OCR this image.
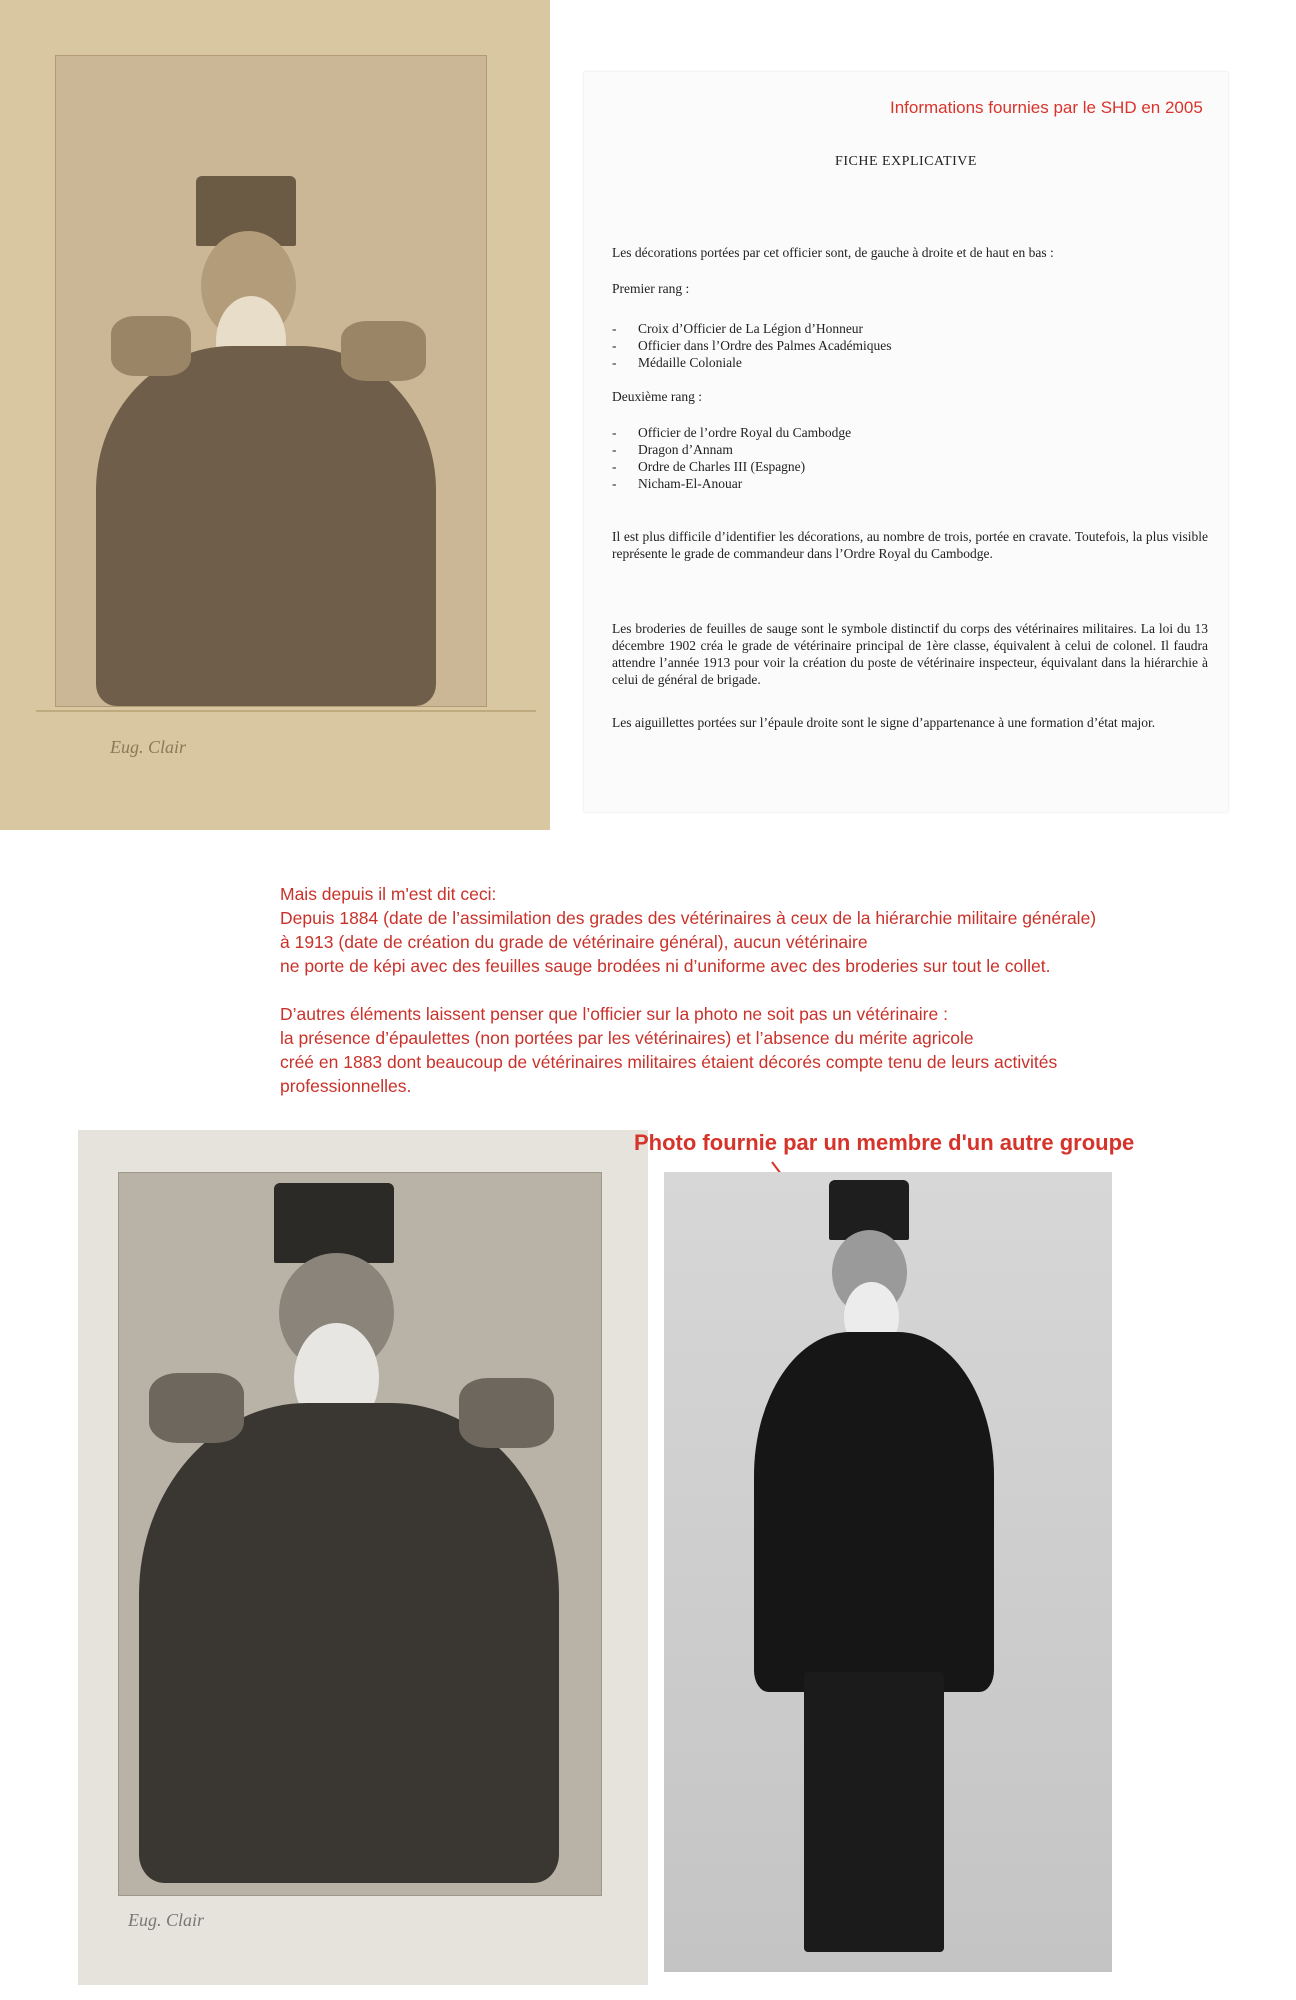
Eug. Clair
FICHE EXPLICATIVE
Les décorations portées par cet officier sont, de gauche à droite et de haut en bas :
Premier rang :
- Croix d’Officier de La Légion d’Honneur
- Officier dans l’Ordre des Palmes Académiques
- Médaille Coloniale
Deuxième rang :
- Officier de l’ordre Royal du Cambodge
- Dragon d’Annam
- Ordre de Charles III (Espagne)
- Nicham-El-Anouar
Il est plus difficile d’identifier les décorations, au nombre de trois, portée en cravate. Toutefois, la plus visible représente le grade de commandeur dans l’Ordre Royal du Cambodge.
Les broderies de feuilles de sauge sont le symbole distinctif du corps des vétérinaires militaires. La loi du 13 décembre 1902 créa le grade de vétérinaire principal de 1ère classe, équivalent à celui de colonel. Il faudra attendre l’année 1913 pour voir la création du poste de vétérinaire inspecteur, équivalant dans la hiérarchie à celui de général de brigade.
Les aiguillettes portées sur l’épaule droite sont le signe d’appartenance à une formation d’état major.
Informations fournies par le SHD en 2005

Mais depuis il m'est dit ceci:
Depuis 1884 (date de l’assimilation des grades des vétérinaires à ceux de la hiérarchie militaire générale)
à 1913 (date de création du grade de vétérinaire général), aucun vétérinaire
ne porte de képi avec des feuilles sauge brodées ni d’uniforme avec des broderies sur tout le collet.

D’autres éléments laissent penser que l’officier sur la photo ne soit pas un vétérinaire :
la présence d’épaulettes (non portées par les vétérinaires) et l’absence du mérite agricole
créé en 1883 dont beaucoup de vétérinaires militaires étaient décorés compte tenu de leurs activités
professionnelles.

Eug. Clair
Photo fournie par un membre d'un autre groupe
